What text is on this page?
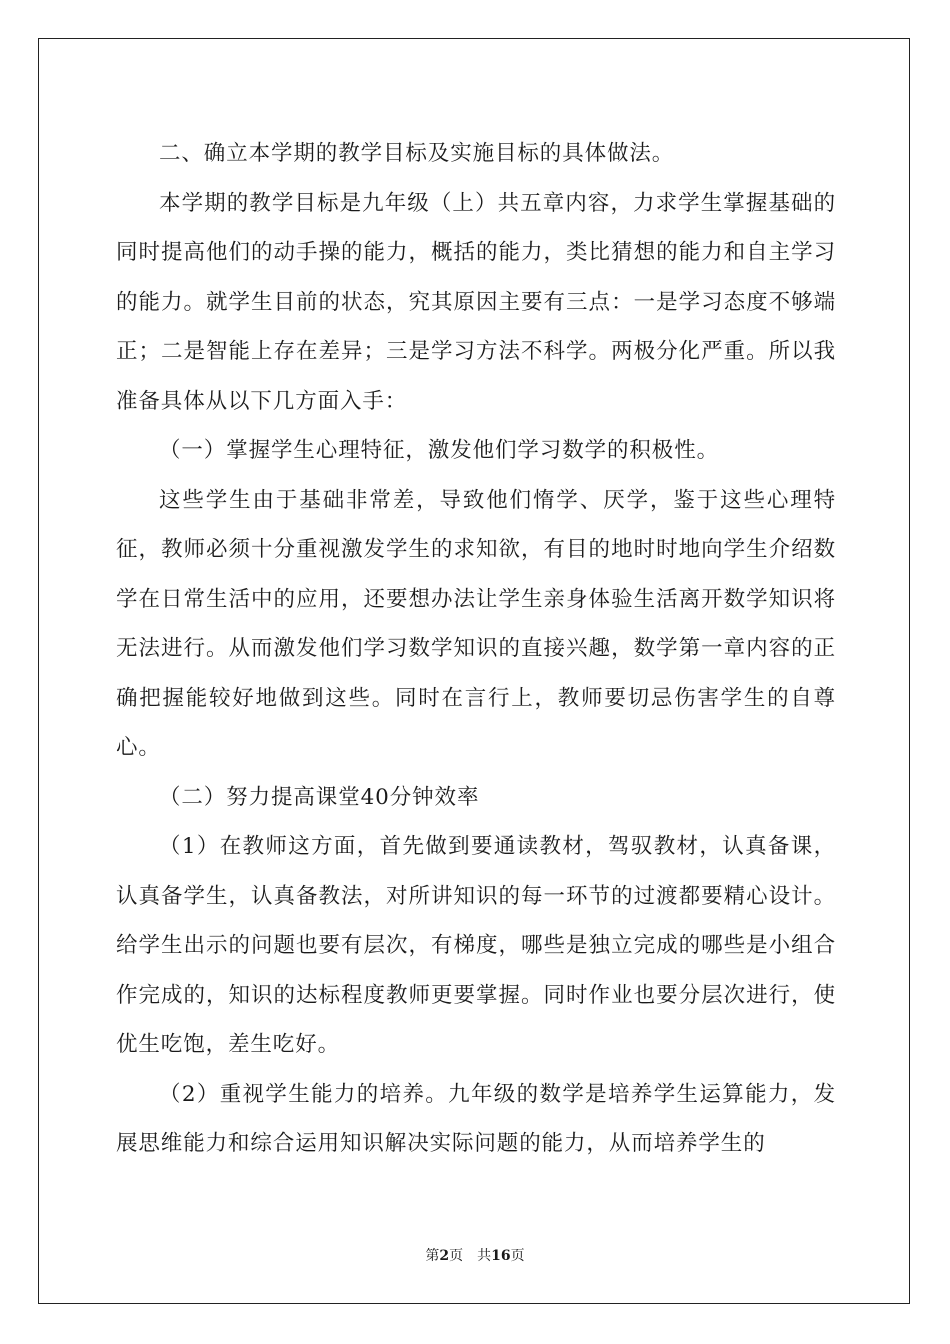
二、确立本学期的教学目标及实施目标的具体做法。

本学期的教学目标是九年级（上）共五章内容，力求学生掌握基础的同时提高他们的动手操的能力，概括的能力，类比猜想的能力和自主学习的能力。就学生目前的状态，究其原因主要有三点：一是学习态度不够端正；二是智能上存在差异；三是学习方法不科学。两极分化严重。所以我准备具体从以下几方面入手：

（一）掌握学生心理特征，激发他们学习数学的积极性。

这些学生由于基础非常差，导致他们惰学、厌学，鉴于这些心理特征，教师必须十分重视激发学生的求知欲，有目的地时时地向学生介绍数学在日常生活中的应用，还要想办法让学生亲身体验生活离开数学知识将无法进行。从而激发他们学习数学知识的直接兴趣，数学第一章内容的正确把握能较好地做到这些。同时在言行上，教师要切忌伤害学生的自尊心。

（二）努力提高课堂40分钟效率

（1）在教师这方面，首先做到要通读教材，驾驭教材，认真备课，认真备学生，认真备教法，对所讲知识的每一环节的过渡都要精心设计。给学生出示的问题也要有层次，有梯度，哪些是独立完成的哪些是小组合作完成的，知识的达标程度教师更要掌握。同时作业也要分层次进行，使优生吃饱，差生吃好。

（2）重视学生能力的培养。九年级的数学是培养学生运算能力，发展思维能力和综合运用知识解决实际问题的能力，从而培养学生的

第2页 共16页
